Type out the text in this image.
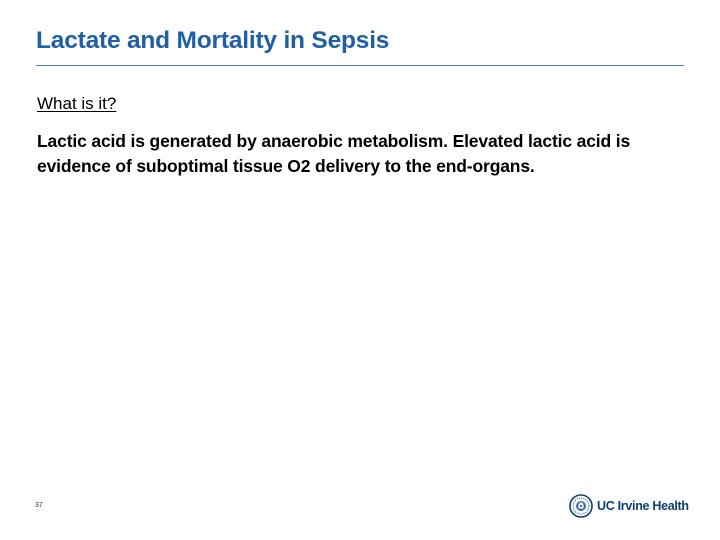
Lactate and Mortality in Sepsis
What is it?
Lactic acid is generated by anaerobic metabolism. Elevated lactic acid is evidence of suboptimal tissue O2 delivery to the end-organs.
37	UC Irvine Health
